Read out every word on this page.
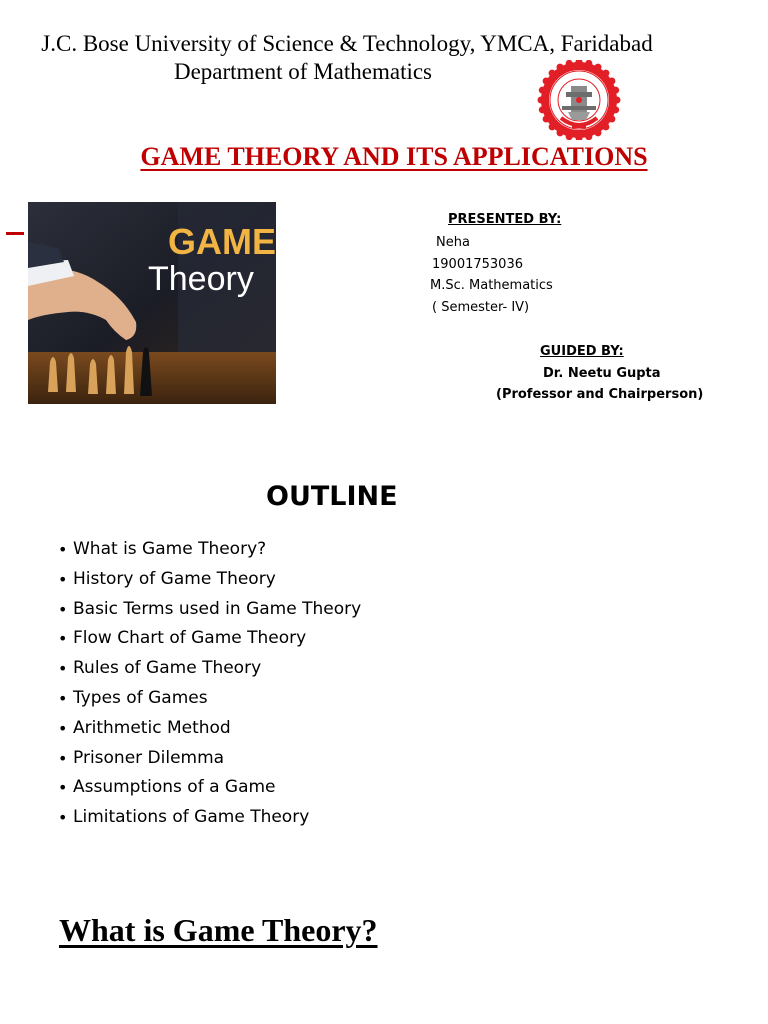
J.C. Bose University of Science & Technology, YMCA, Faridabad
Department of Mathematics
GAME THEORY AND ITS APPLICATIONS
GAME
Theory
PRESENTED BY:
Neha
19001753036
M.Sc. Mathematics
( Semester- IV)
GUIDED BY:
Dr. Neetu Gupta
(Professor and Chairperson)
OUTLINE
• What is Game Theory?
• History of Game Theory
• Basic Terms used in Game Theory
• Flow Chart of Game Theory
• Rules of Game Theory
• Types of Games
• Arithmetic Method
• Prisoner Dilemma
• Assumptions of a Game
• Limitations of Game Theory
What is Game Theory?
